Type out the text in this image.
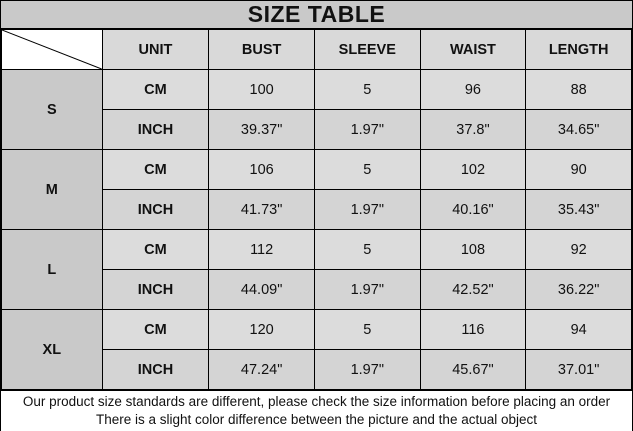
SIZE TABLE
	UNIT	BUST	SLEEVE	WAIST	LENGTH
S	CM	100	5	96	88
	INCH	39.37"	1.97"	37.8"	34.65"
M	CM	106	5	102	90
	INCH	41.73"	1.97"	40.16"	35.43"
L	CM	112	5	108	92
	INCH	44.09"	1.97"	42.52"	36.22"
XL	CM	120	5	116	94
	INCH	47.24"	1.97"	45.67"	37.01"
Our product size standards are different, please check the size information before placing an order
There is a slight color difference between the picture and the actual object
